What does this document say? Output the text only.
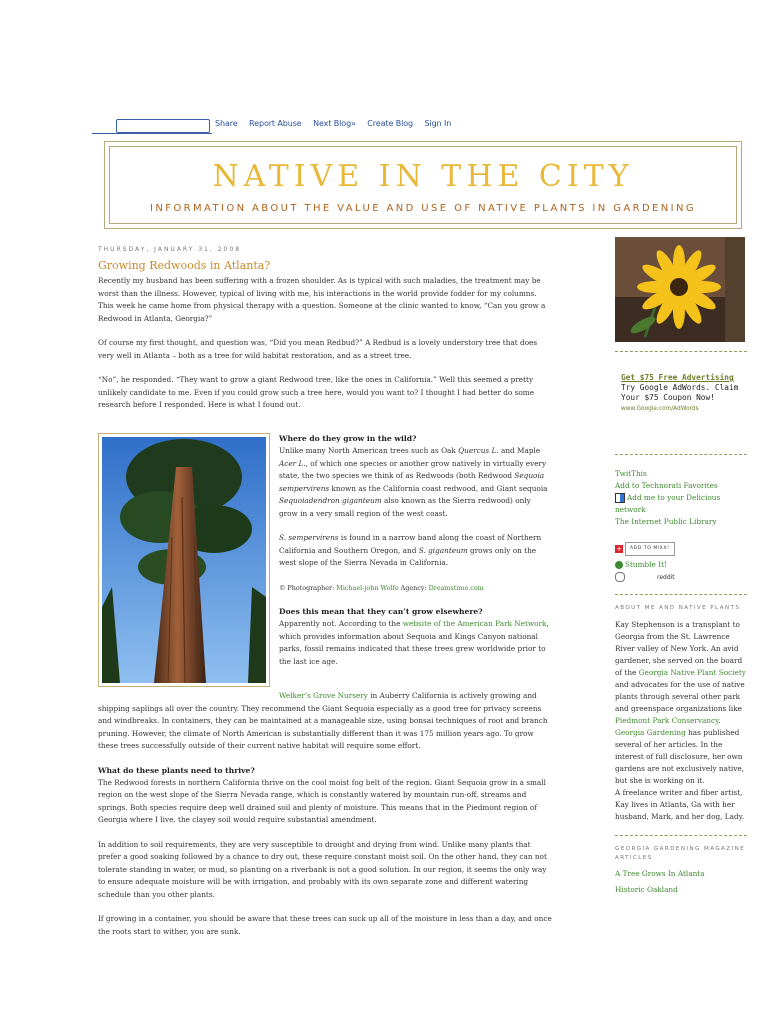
Share Report Abuse Next Blog» Create Blog Sign In
NATIVE IN THE CITY
INFORMATION ABOUT THE VALUE AND USE OF NATIVE PLANTS IN GARDENING
THURSDAY, JANUARY 31, 2008
Growing Redwoods in Atlanta?

Recently my husband has been suffering with a frozen shoulder. As is typical with such maladies, the treatment may be worst than the illness. However, typical of living with me, his interactions in the world provide fodder for my columns. This week he came home from physical therapy with a question. Someone at the clinic wanted to know, “Can you grow a Redwood in Atlanta, Georgia?”

Of course my first thought, and question was, “Did you mean Redbud?” A Redbud is a lovely understory tree that does very well in Atlanta – both as a tree for wild habitat restoration, and as a street tree.

“No”, he responded. “They want to grow a giant Redwood tree, like the ones in California.” Well this seemed a pretty unlikely candidate to me. Even if you could grow such a tree here, would you want to? I thought I had better do some research before I responded. Here is what I found out.

Where do they grow in the wild?

Unlike many North American trees such as Oak Quercus L. and Maple Acer L., of which one species or another grow natively in virtually every state, the two species we think of as Redwoods (both Redwood Sequoia sempervirens known as the California coast redwood, and Giant sequoia Sequoiadendron giganteum also known as the Sierra redwood) only grow in a very small region of the west coast.

S. sempervirens is found in a narrow band along the coast of Northern California and Southern Oregon, and S. giganteum grows only on the west slope of the Sierra Nevada in California.

© Photographer: Michael-john Wolfe Agency: Dreamstime.com

Does this mean that they can’t grow elsewhere?

Apparently not. According to the website of the American Park Network, which provides information about Sequoia and Kings Canyon national parks, fossil remains indicated that these trees grew worldwide prior to the last ice age.

Welker’s Grove Nursery in Auberry California is actively growing and shipping saplings all over the country. They recommend the Giant Sequoia especially as a good tree for privacy screens and windbreaks. In containers, they can be maintained at a manageable size, using bonsai techniques of root and branch pruning. However, the climate of North American is substantially different than it was 175 million years ago. To grow these trees successfully outside of their current native habitat will require some effort.

What do these plants need to thrive?

The Redwood forests in northern California thrive on the cool moist fog belt of the region. Giant Sequoia grow in a small region on the west slope of the Sierra Nevada range, which is constantly watered by mountain run-off, streams and springs. Both species require deep well drained soil and plenty of moisture. This means that in the Piedmont region of Georgia where I live, the clayey soil would require substantial amendment.

In addition to soil requirements, they are very susceptible to drought and drying from wind. Unlike many plants that prefer a good soaking followed by a chance to dry out, these require constant moist soil. On the other hand, they can not tolerate standing in water, or mud, so planting on a riverbank is not a good solution. In our region, it seems the only way to ensure adequate moisture will be with irrigation, and probably with its own separate zone and different watering schedule than you other plants.

If growing in a container, you should be aware that these trees can suck up all of the moisture in less than a day, and once the roots start to wither, you are sunk.

Get $75 Free Advertising
Try Google AdWords. Claim Your $75 Coupon Now!
www.Google.com/AdWords
TwitThis
Add to Technorati Favorites
Add me to your Delicious network
The Internet Public Library
+ ADD TO MIXX!
Stumble It!
reddit
ABOUT ME AND NATIVE PLANTS
Kay Stephenson is a transplant to Georgia from the St. Lawrence River valley of New York. An avid gardener, she served on the board of the Georgia Native Plant Society and advocates for the use of native plants through several other park and greenspace organizations like Piedmont Park Conservancy. Georgia Gardening has published several of her articles. In the interest of full disclosure, her own gardens are not exclusively native, but she is working on it.
A freelance writer and fiber artist, Kay lives in Atlanta, Ga with her husband, Mark, and her dog, Lady.
GEORGIA GARDENING MAGAZINE ARTICLES
A Tree Grows In Atlanta
Historic Oakland
